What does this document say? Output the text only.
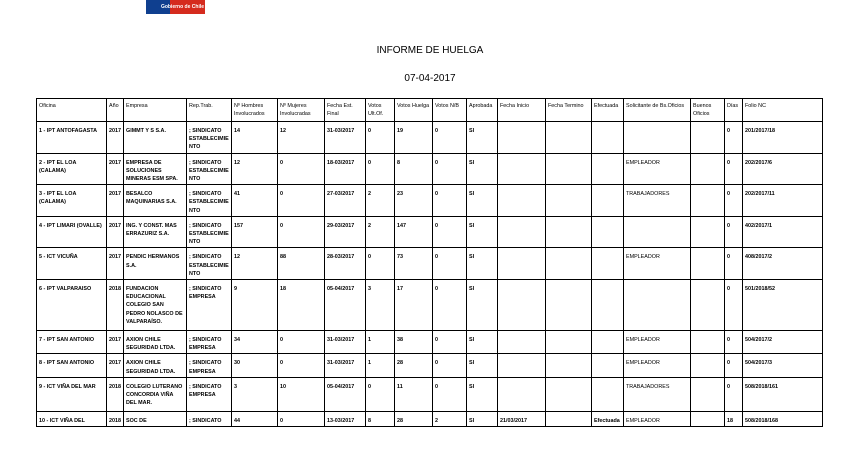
Gobierno de Chile
INFORME DE HUELGA
07-04-2017
Oficina	Año	Empresa	Rep.Trab.	Nº Hombres Involucrados	Nº Mujeres Involucradas	Fecha Est. Final	Votos Ult.Of.	Votos Huelga	Votos N/B	Aprobada	Fecha Inicio	Fecha Termino	Efectuada	Solicitante de Bs.Oficios	Buenos Oficios	Días	Folio NC
1 - IPT ANTOFAGASTA	2017	GIMMT Y S S.A.	; SINDICATO ESTABLECIMIENTO	14	12	31-03/2017	0	19	0	SI						0	201/2017/18
2 - IPT EL LOA (CALAMA)	2017	EMPRESA DE SOLUCIONES MINERAS ESM SPA.	; SINDICATO ESTABLECIMIENTO	12	0	18-03/2017	0	8	0	SI				EMPLEADOR		0	202/2017/6
3 - IPT EL LOA (CALAMA)	2017	BESALCO MAQUINARIAS S.A.	; SINDICATO ESTABLECIMIENTO	41	0	27-03/2017	2	23	0	SI				TRABAJADORES		0	202/2017/11
4 - IPT LIMARI (OVALLE)	2017	ING. Y CONST. MAS ERRAZURIZ S.A.	; SINDICATO ESTABLECIMIENTO	157	0	29-03/2017	2	147	0	SI						0	402/2017/1
5 - ICT VICUÑA	2017	PENDIC HERMANOS S.A.	; SINDICATO ESTABLECIMIENTO	12	88	28-03/2017	0	73	0	SI				EMPLEADOR		0	408/2017/2
6 - IPT VALPARAISO	2018	FUNDACION EDUCACIONAL COLEGIO SAN PEDRO NOLASCO DE VALPARAÍSO.	; SINDICATO EMPRESA	9	18	05-04/2017	3	17	0	SI						0	501/2018/52
7 - IPT SAN ANTONIO	2017	AXION CHILE SEGURIDAD LTDA.	; SINDICATO EMPRESA	34	0	31-03/2017	1	38	0	SI				EMPLEADOR		0	504/2017/2
8 - IPT SAN ANTONIO	2017	AXION CHILE SEGURIDAD LTDA.	; SINDICATO EMPRESA	30	0	31-03/2017	1	28	0	SI				EMPLEADOR		0	504/2017/3
9 - ICT VIÑA DEL MAR	2018	COLEGIO LUTERANO CONCORDIA VIÑA DEL MAR.	; SINDICATO EMPRESA	3	10	05-04/2017	0	11	0	SI				TRABAJADORES		0	508/2018/161
10 - ICT VIÑA DEL	2018	SOC DE	; SINDICATO	44	0	13-03/2017	8	28	2	SI	21/03/2017		Efectuada	EMPLEADOR		18	508/2018/168
